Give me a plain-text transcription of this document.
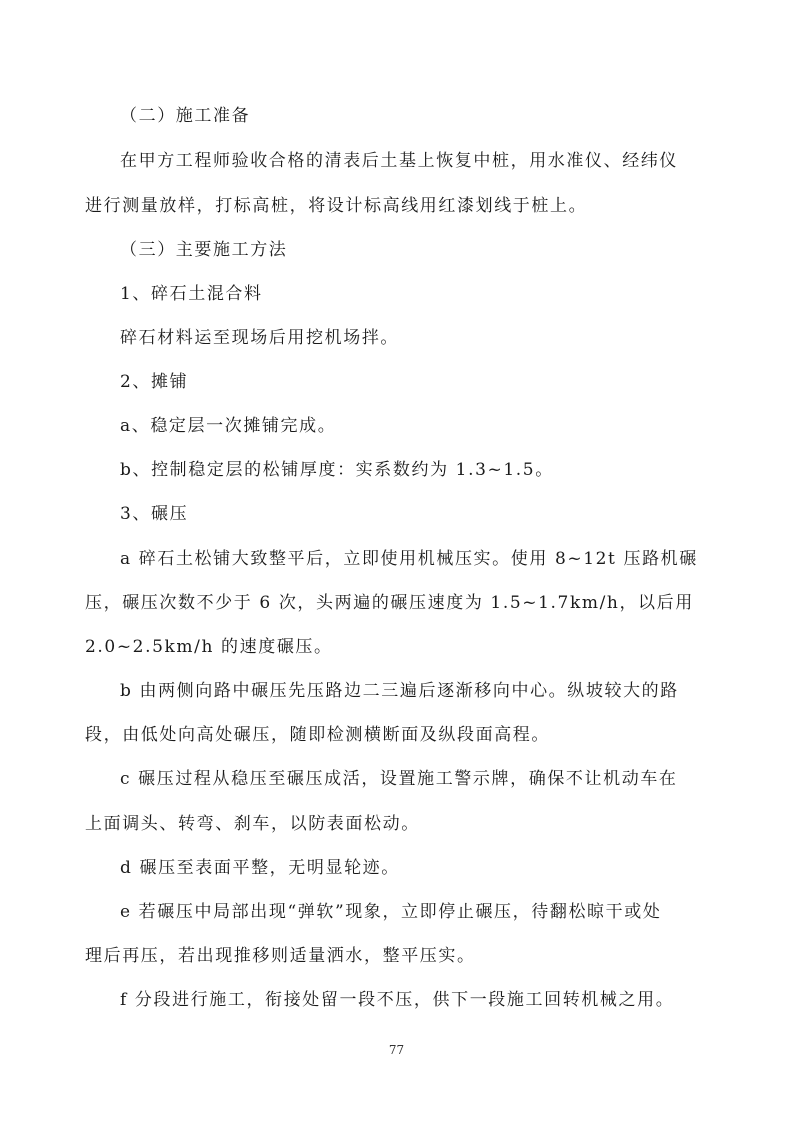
（二）施工准备
在甲方工程师验收合格的清表后土基上恢复中桩，用水准仪、经纬仪
进行测量放样，打标高桩，将设计标高线用红漆划线于桩上。
（三）主要施工方法
1、碎石土混合料
碎石材料运至现场后用挖机场拌。
2、摊铺
a、稳定层一次摊铺完成。
b、控制稳定层的松铺厚度：实系数约为 1.3~1.5。
3、碾压
a 碎石土松铺大致整平后，立即使用机械压实。使用 8~12t 压路机碾
压，碾压次数不少于 6 次，头两遍的碾压速度为 1.5~1.7km/h，以后用
2.0~2.5km/h 的速度碾压。
b 由两侧向路中碾压先压路边二三遍后逐渐移向中心。纵坡较大的路
段，由低处向高处碾压，随即检测横断面及纵段面高程。
c 碾压过程从稳压至碾压成活，设置施工警示牌，确保不让机动车在
上面调头、转弯、刹车，以防表面松动。
d 碾压至表面平整，无明显轮迹。
e 若碾压中局部出现“弹软”现象，立即停止碾压，待翻松晾干或处
理后再压，若出现推移则适量洒水，整平压实。
f 分段进行施工，衔接处留一段不压，供下一段施工回转机械之用。
77
